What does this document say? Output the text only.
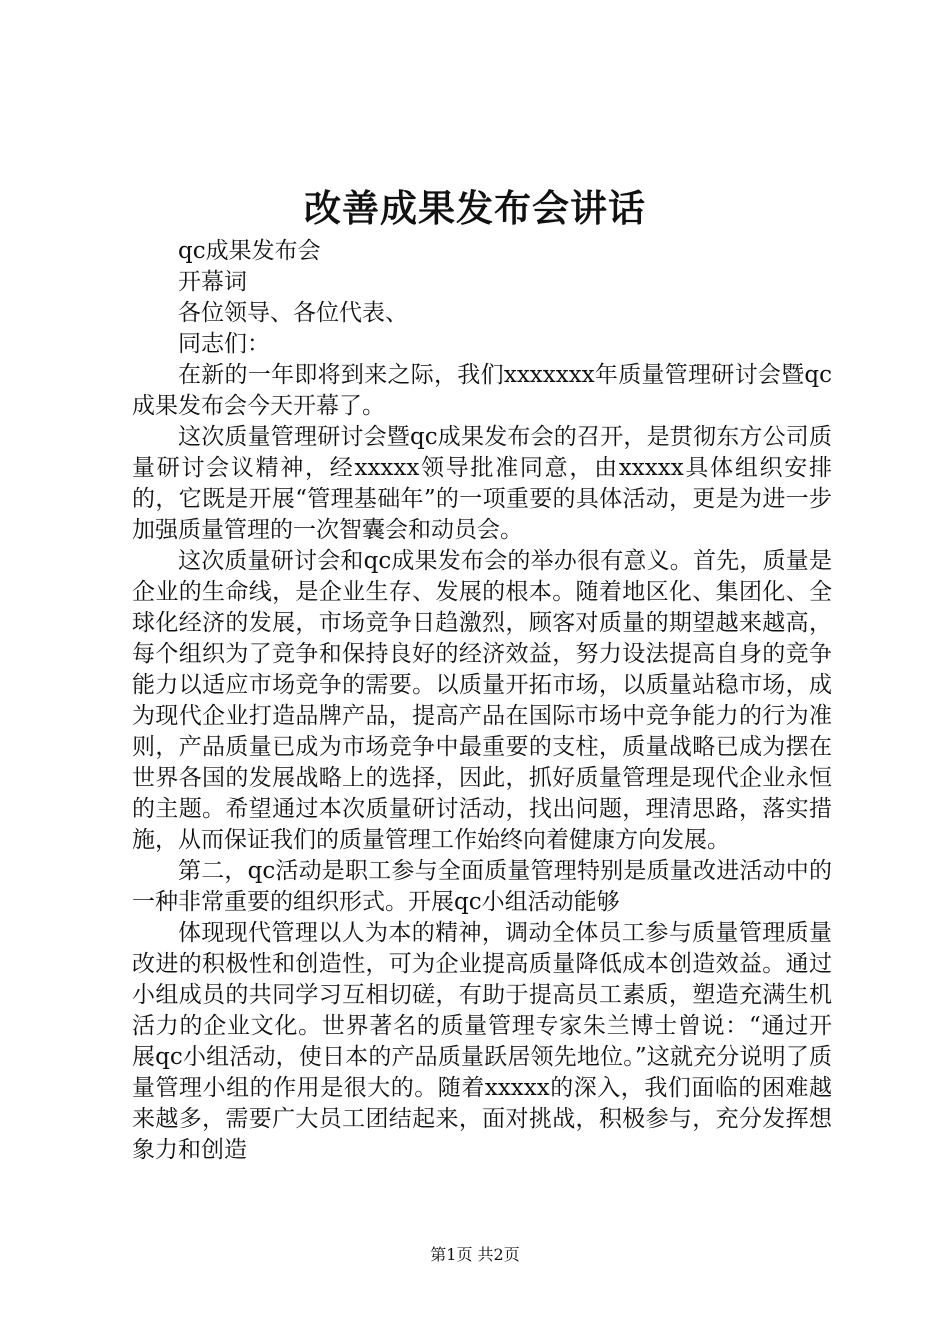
改善成果发布会讲话

qc成果发布会

开幕词

各位领导、各位代表、

同志们：

在新的一年即将到来之际，我们xxxxxxx年质量管理研讨会暨qc成果发布会今天开幕了。

这次质量管理研讨会暨qc成果发布会的召开，是贯彻东方公司质量研讨会议精神，经xxxxx领导批准同意，由xxxxx具体组织安排的，它既是开展“管理基础年”的一项重要的具体活动，更是为进一步加强质量管理的一次智囊会和动员会。

这次质量研讨会和qc成果发布会的举办很有意义。首先，质量是企业的生命线，是企业生存、发展的根本。随着地区化、集团化、全球化经济的发展，市场竞争日趋激烈，顾客对质量的期望越来越高，每个组织为了竞争和保持良好的经济效益，努力设法提高自身的竞争能力以适应市场竞争的需要。以质量开拓市场，以质量站稳市场，成为现代企业打造品牌产品，提高产品在国际市场中竞争能力的行为准则，产品质量已成为市场竞争中最重要的支柱，质量战略已成为摆在世界各国的发展战略上的选择，因此，抓好质量管理是现代企业永恒的主题。希望通过本次质量研讨活动，找出问题，理清思路，落实措施，从而保证我们的质量管理工作始终向着健康方向发展。

第二，qc活动是职工参与全面质量管理特别是质量改进活动中的一种非常重要的组织形式。开展qc小组活动能够

体现现代管理以人为本的精神，调动全体员工参与质量管理质量改进的积极性和创造性，可为企业提高质量降低成本创造效益。通过小组成员的共同学习互相切磋，有助于提高员工素质，塑造充满生机活力的企业文化。世界著名的质量管理专家朱兰博士曾说：“通过开展qc小组活动，使日本的产品质量跃居领先地位。”这就充分说明了质量管理小组的作用是很大的。随着xxxxx的深入，我们面临的困难越来越多，需要广大员工团结起来，面对挑战，积极参与，充分发挥想象力和创造

第1页 共2页
